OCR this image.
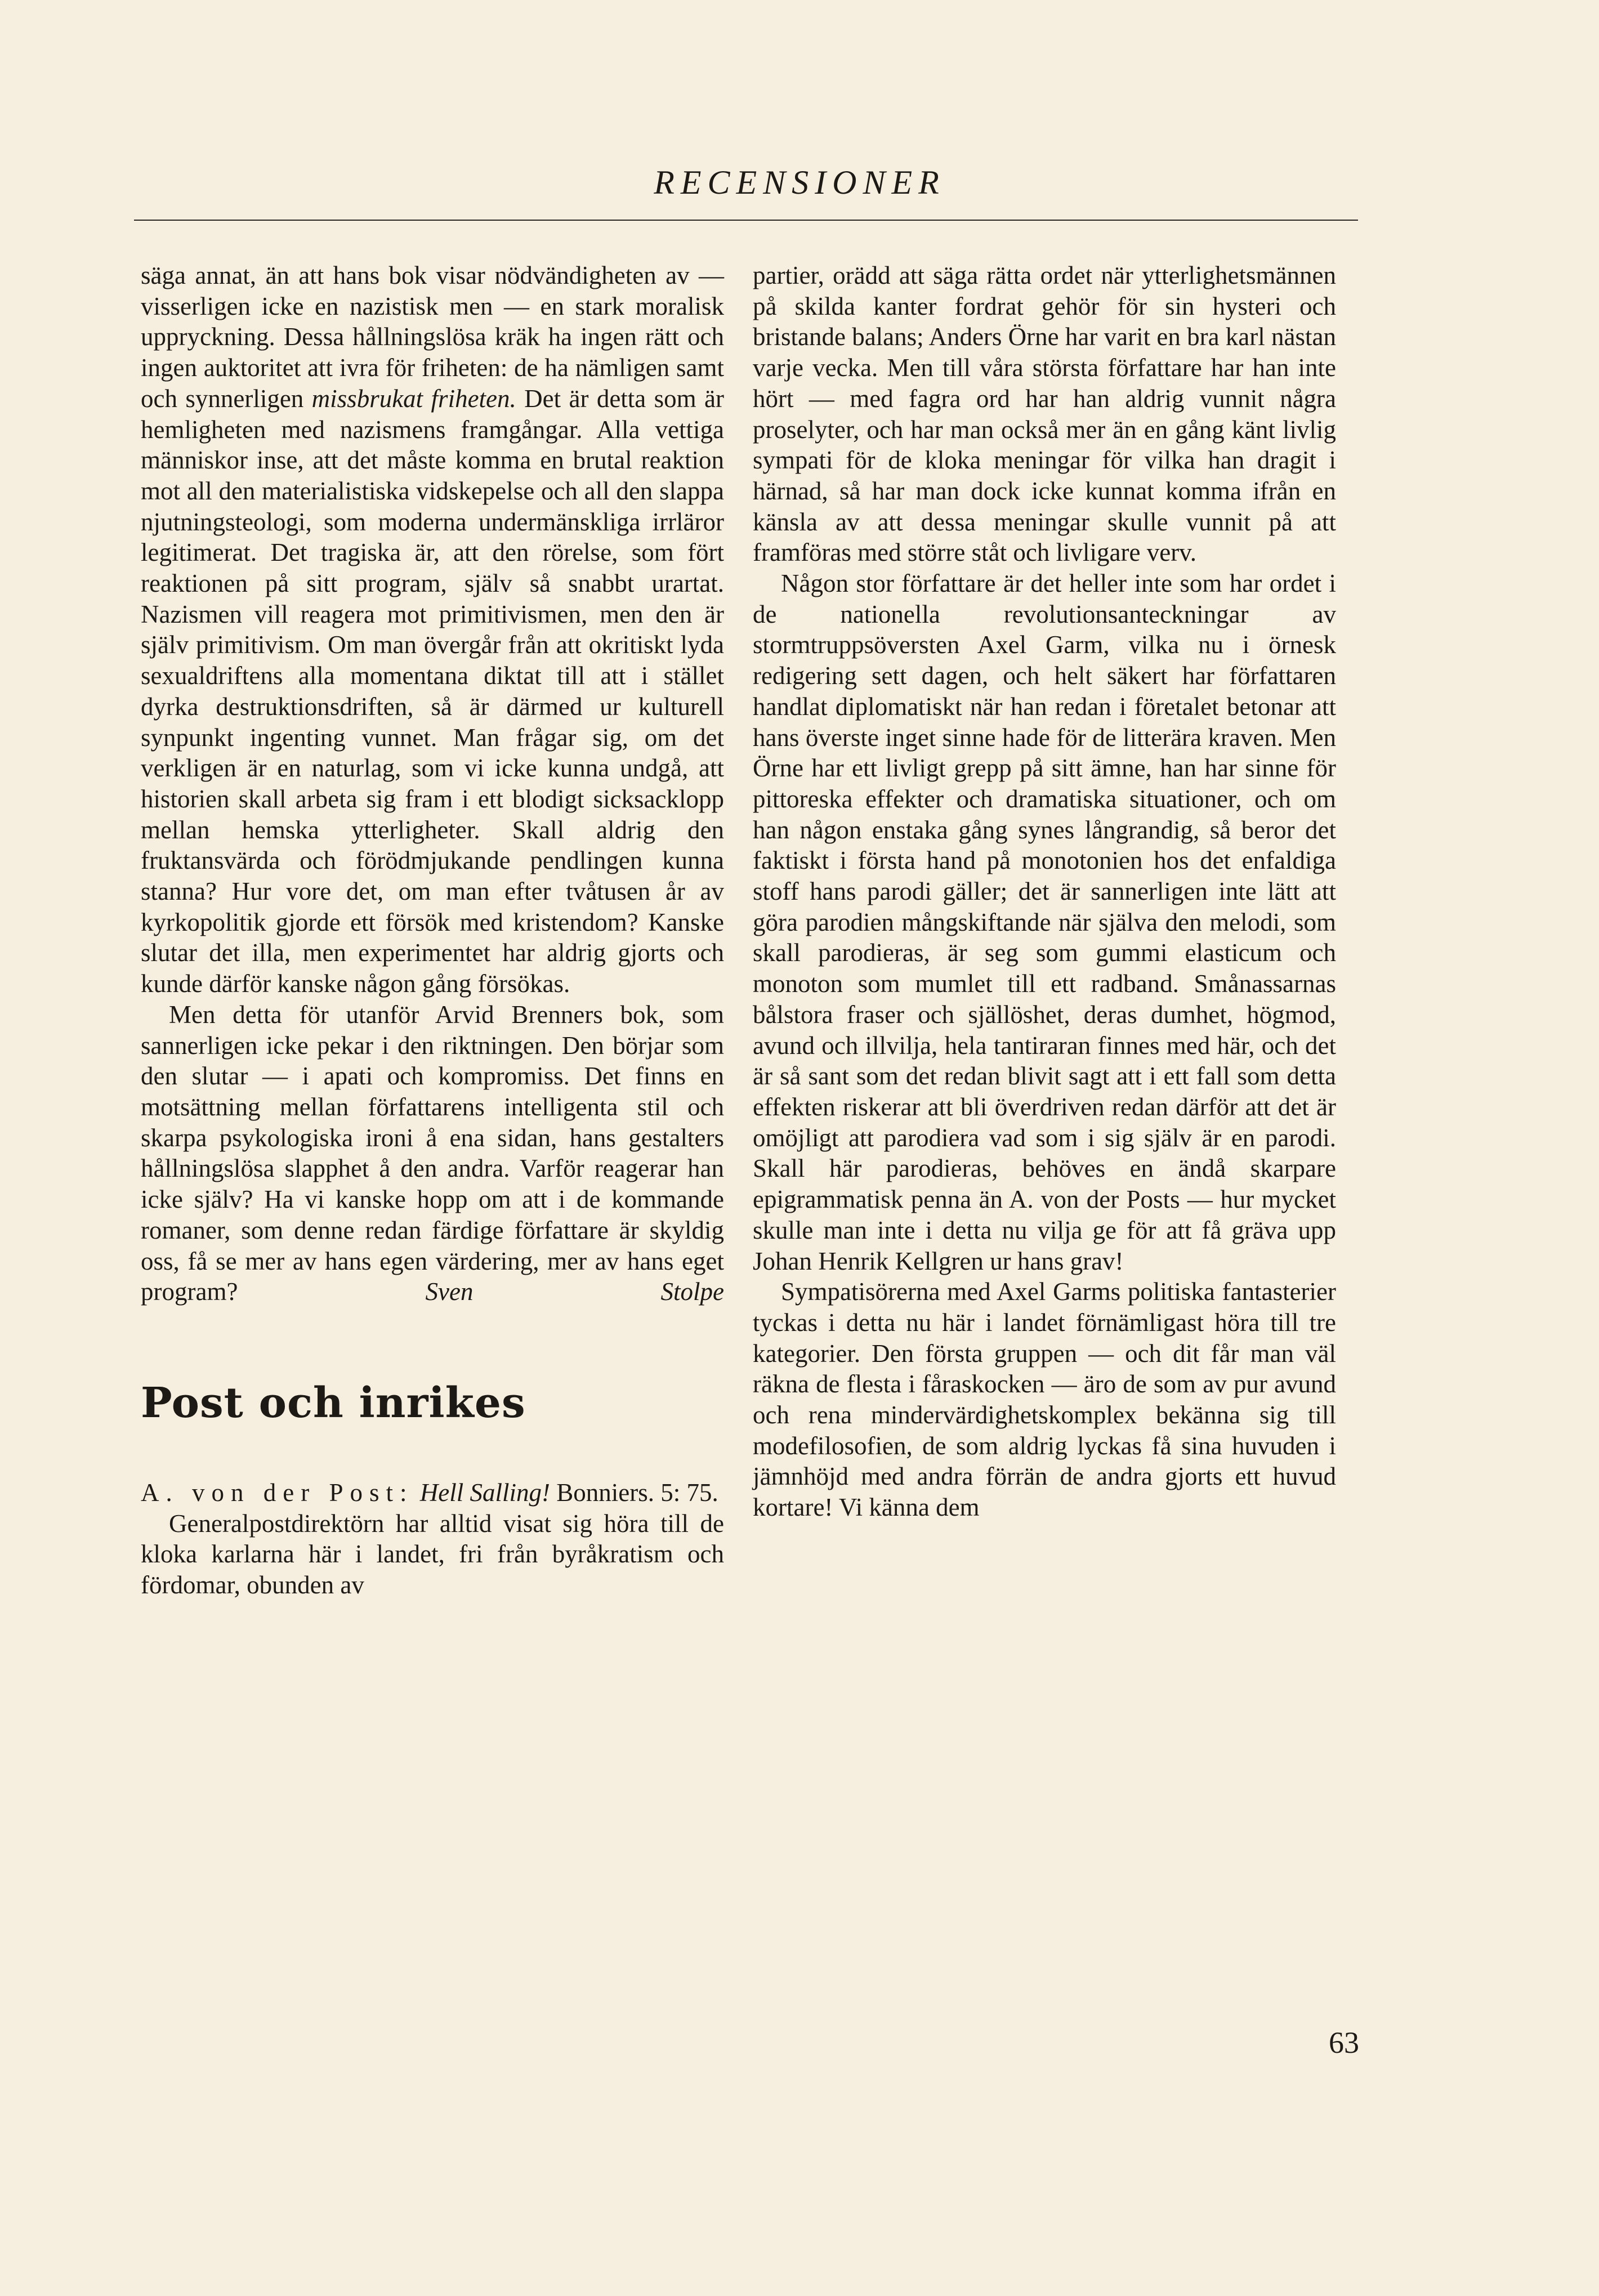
RECENSIONER

säga annat, än att hans bok visar nödvändigheten av — visserligen icke en nazistisk men — en stark moralisk uppryckning. Dessa hållningslösa kräk ha ingen rätt och ingen auktoritet att ivra för friheten: de ha nämligen samt och synnerligen missbrukat friheten. Det är detta som är hemligheten med nazismens framgångar. Alla vettiga människor inse, att det måste komma en brutal reaktion mot all den materialistiska vidskepelse och all den slappa njutningsteologi, som moderna undermänskliga irrläror legitimerat. Det tragiska är, att den rörelse, som fört reaktionen på sitt program, själv så snabbt urartat. Nazismen vill reagera mot primitivismen, men den är själv primitivism. Om man övergår från att okritiskt lyda sexualdriftens alla momentana diktat till att i stället dyrka destruktionsdriften, så är därmed ur kulturell synpunkt ingenting vunnet. Man frågar sig, om det verkligen är en naturlag, som vi icke kunna undgå, att historien skall arbeta sig fram i ett blodigt sicksacklopp mellan hemska ytterligheter. Skall aldrig den fruktansvärda och förödmjukande pendlingen kunna stanna? Hur vore det, om man efter tvåtusen år av kyrkopolitik gjorde ett försök med kristendom? Kanske slutar det illa, men experimentet har aldrig gjorts och kunde därför kanske någon gång försökas.

Men detta för utanför Arvid Brenners bok, som sannerligen icke pekar i den riktningen. Den börjar som den slutar — i apati och kompromiss. Det finns en motsättning mellan författarens intelligenta stil och skarpa psykologiska ironi å ena sidan, hans gestalters hållningslösa slapphet å den andra. Varför reagerar han icke själv? Ha vi kanske hopp om att i de kommande romaner, som denne redan färdige författare är skyldig oss, få se mer av hans egen värdering, mer av hans eget program?	Sven Stolpe

Post och inrikes

A. von der Post: Hell Salling! Bonniers. 5: 75.

Generalpostdirektörn har alltid visat sig höra till de kloka karlarna här i landet, fri från byråkratism och fördomar, obunden av

partier, orädd att säga rätta ordet när ytterlighetsmännen på skilda kanter fordrat gehör för sin hysteri och bristande balans; Anders Örne har varit en bra karl nästan varje vecka. Men till våra största författare har han inte hört — med fagra ord har han aldrig vunnit några proselyter, och har man också mer än en gång känt livlig sympati för de kloka meningar för vilka han dragit i härnad, så har man dock icke kunnat komma ifrån en känsla av att dessa meningar skulle vunnit på att framföras med större ståt och livligare verv.

Någon stor författare är det heller inte som har ordet i de nationella revolutionsanteckningar av stormtruppsöversten Axel Garm, vilka nu i örnesk redigering sett dagen, och helt säkert har författaren handlat diplomatiskt när han redan i företalet betonar att hans överste inget sinne hade för de litterära kraven. Men Örne har ett livligt grepp på sitt ämne, han har sinne för pittoreska effekter och dramatiska situationer, och om han någon enstaka gång synes långrandig, så beror det faktiskt i första hand på monotonien hos det enfaldiga stoff hans parodi gäller; det är sannerligen inte lätt att göra parodien mångskiftande när själva den melodi, som skall parodieras, är seg som gummi elasticum och monoton som mumlet till ett radband. Smånassarnas bålstora fraser och själlöshet, deras dumhet, högmod, avund och illvilja, hela tantiraran finnes med här, och det är så sant som det redan blivit sagt att i ett fall som detta effekten riskerar att bli överdriven redan därför att det är omöjligt att parodiera vad som i sig själv är en parodi. Skall här parodieras, behöves en ändå skarpare epigrammatisk penna än A. von der Posts — hur mycket skulle man inte i detta nu vilja ge för att få gräva upp Johan Henrik Kellgren ur hans grav!

Sympatisörerna med Axel Garms politiska fantasterier tyckas i detta nu här i landet förnämligast höra till tre kategorier. Den första gruppen — och dit får man väl räkna de flesta i fåraskocken — äro de som av pur avund och rena mindervärdighetskomplex bekänna sig till modefilosofien, de som aldrig lyckas få sina huvuden i jämnhöjd med andra förrän de andra gjorts ett huvud kortare! Vi känna dem

63
